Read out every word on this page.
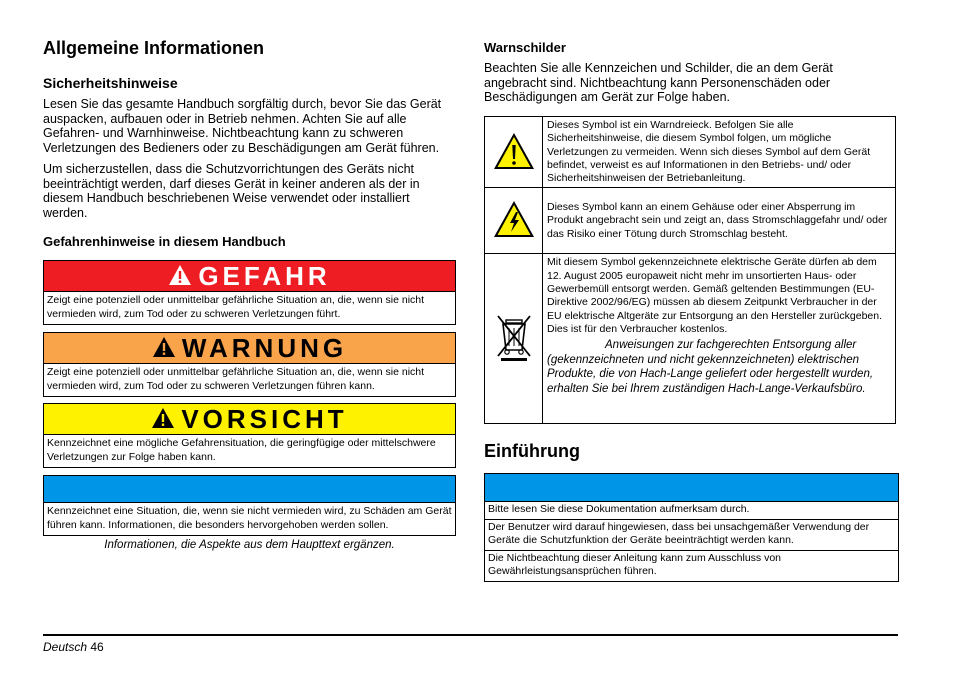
Allgemeine Informationen
Sicherheitshinweise

Lesen Sie das gesamte Handbuch sorgfältig durch, bevor Sie das Gerät auspacken, aufbauen oder in Betrieb nehmen. Achten Sie auf alle Gefahren- und Warnhinweise. Nichtbeachtung kann zu schweren Verletzungen des Bedieners oder zu Beschädigungen am Gerät führen.

Um sicherzustellen, dass die Schutzvorrichtungen des Geräts nicht beeinträchtigt werden, darf dieses Gerät in keiner anderen als der in diesem Handbuch beschriebenen Weise verwendet oder installiert werden.

Gefahrenhinweise in diesem Handbuch
GEFAHR
Zeigt eine potenziell oder unmittelbar gefährliche Situation an, die, wenn sie nicht vermieden wird, zum Tod oder zu schweren Verletzungen führt.
WARNUNG
Zeigt eine potenziell oder unmittelbar gefährliche Situation an, die, wenn sie nicht vermieden wird, zum Tod oder zu schweren Verletzungen führen kann.
VORSICHT
Kennzeichnet eine mögliche Gefahrensituation, die geringfügige oder mittelschwere Verletzungen zur Folge haben kann.
Kennzeichnet eine Situation, die, wenn sie nicht vermieden wird, zu Schäden am Gerät führen kann. Informationen, die besonders hervorgehoben werden sollen.
Informationen, die Aspekte aus dem Haupttext ergänzen.
Warnschilder

Beachten Sie alle Kennzeichen und Schilder, die an dem Gerät angebracht sind. Nichtbeachtung kann Personenschäden oder Beschädigungen am Gerät zur Folge haben.

	Dieses Symbol ist ein Warndreieck. Befolgen Sie alle Sicherheitshinweise, die diesem Symbol folgen, um mögliche Verletzungen zu vermeiden. Wenn sich dieses Symbol auf dem Gerät befindet, verweist es auf Informationen in den Betriebs- und/ oder Sicherheitshinweisen der Betriebanleitung.
	Dieses Symbol kann an einem Gehäuse oder einer Absperrung im Produkt angebracht sein und zeigt an, dass Stromschlaggefahr und/ oder das Risiko einer Tötung durch Stromschlag besteht.

Mit diesem Symbol gekennzeichnete elektrische Geräte dürfen ab dem 12. August 2005 europaweit nicht mehr im unsortierten Haus- oder Gewerbemüll entsorgt werden. Gemäß geltenden Bestimmungen (EU-Direktive 2002/96/EG) müssen ab diesem Zeitpunkt Verbraucher in der EU elektrische Altgeräte zur Entsorgung an den Hersteller zurückgeben. Dies ist für den Verbraucher kostenlos.
Anweisungen zur fachgerechten Entsorgung aller (gekennzeichneten und nicht gekennzeichneten) elektrischen Produkte, die von Hach-Lange geliefert oder hergestellt wurden, erhalten Sie bei Ihrem zuständigen Hach-Lange-Verkaufsbüro.
Einführung
Bitte lesen Sie diese Dokumentation aufmerksam durch.
Der Benutzer wird darauf hingewiesen, dass bei unsachgemäßer Verwendung der Geräte die Schutzfunktion der Geräte beeinträchtigt werden kann.
Die Nichtbeachtung dieser Anleitung kann zum Ausschluss von Gewährleistungsansprüchen führen.
Deutsch 46
